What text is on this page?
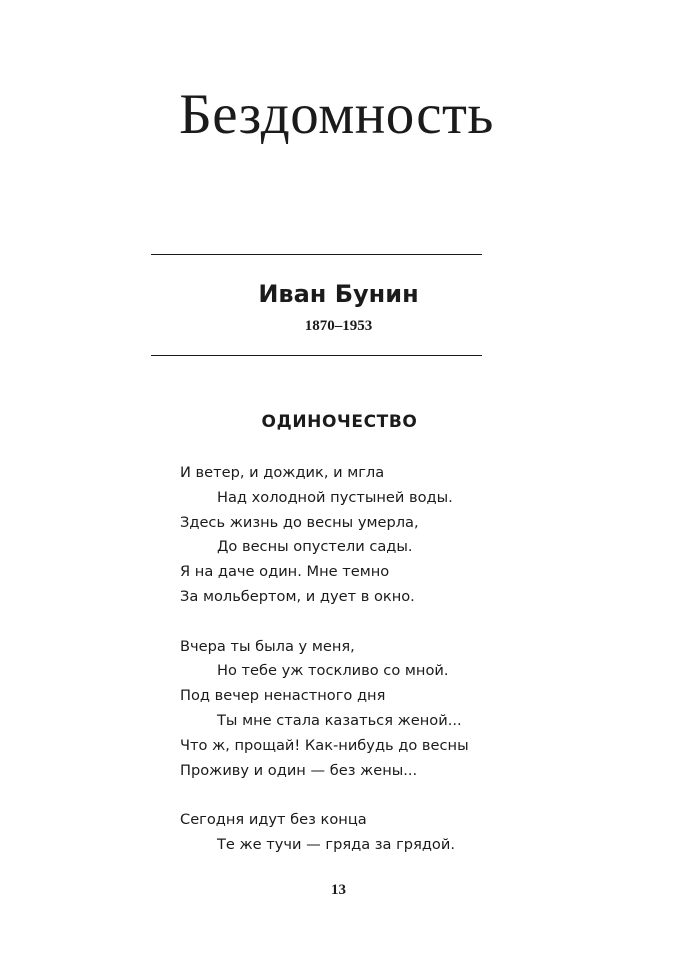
Бездомность
Иван Бунин
1870–1953
ОДИНОЧЕСТВО
И ветер, и дождик, и мгла
Над холодной пустыней воды.
Здесь жизнь до весны умерла,
До весны опустели сады.
Я на даче один. Мне темно
За мольбертом, и дует в окно.
Вчера ты была у меня,
Но тебе уж тоскливо со мной.
Под вечер ненастного дня
Ты мне стала казаться женой...
Что ж, прощай! Как-нибудь до весны
Проживу и один — без жены...
Сегодня идут без конца
Те же тучи — гряда за грядой.
13
